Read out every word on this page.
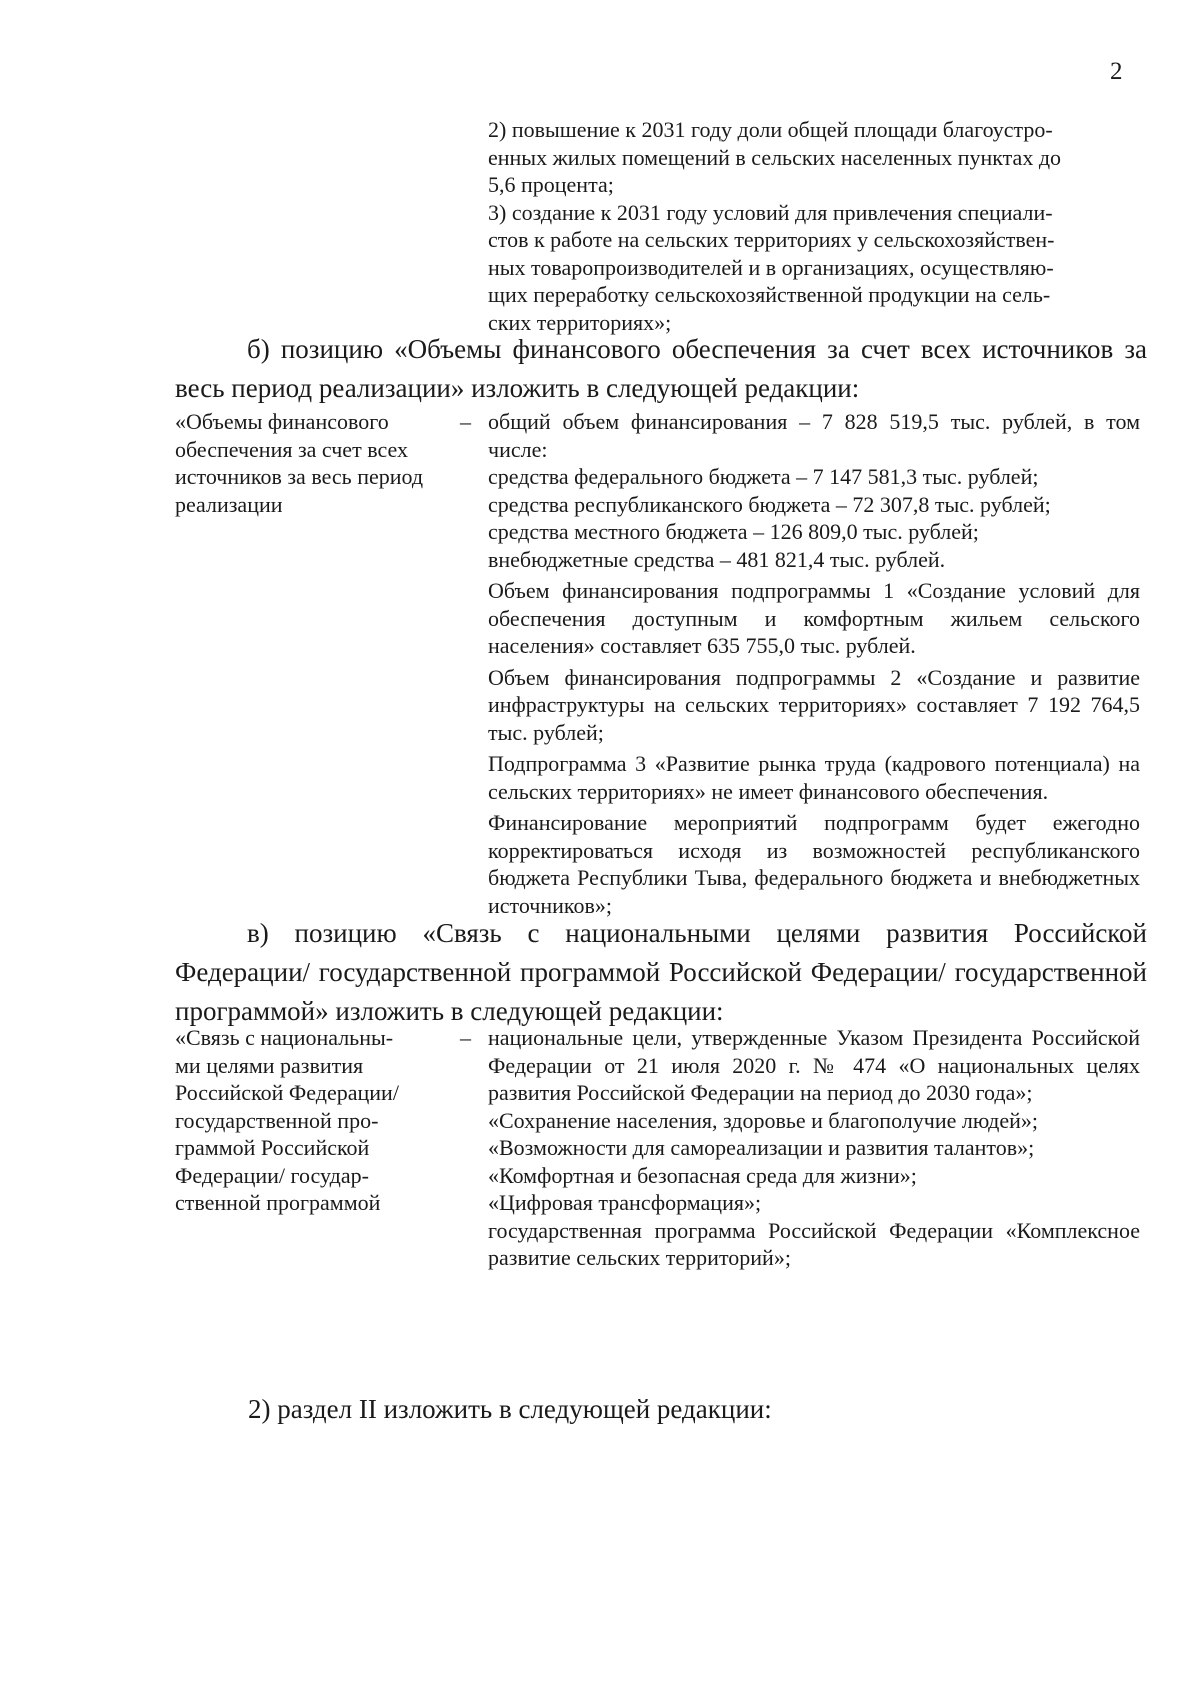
2

2) повышение к 2031 году доли общей площади благоустро-

енных жилых помещений в сельских населенных пунктах до

5,6 процента;

3) создание к 2031 году условий для привлечения специали-

стов к работе на сельских территориях у сельскохозяйствен-

ных товаропроизводителей и в организациях, осуществляю-

щих переработку сельскохозяйственной продукции на сель-

ских территориях»;

б) позицию «Объемы финансового обеспечения за счет всех источников за весь период реализации» изложить в следующей редакции:

«Объемы финансового

обеспечения за счет всех

источников за весь период

реализации

– общий объем финансирования – 7 828 519,5 тыс. рублей, в том числе:

средства федерального бюджета – 7 147 581,3 тыс. рублей;

средства республиканского бюджета – 72 307,8 тыс. рублей;

средства местного бюджета – 126 809,0 тыс. рублей;

внебюджетные средства – 481 821,4 тыс. рублей.

Объем финансирования подпрограммы 1 «Создание условий для обеспечения доступным и комфортным жильем сельского населения» составляет 635 755,0 тыс. рублей.

Объем финансирования подпрограммы 2 «Создание и развитие инфраструктуры на сельских территориях» составляет 7 192 764,5 тыс. рублей;

Подпрограмма 3 «Развитие рынка труда (кадрового потенциала) на сельских территориях» не имеет финансового обеспечения.

Финансирование мероприятий подпрограмм будет ежегодно корректироваться исходя из возможностей республиканского бюджета Республики Тыва, федерального бюджета и внебюджетных источников»;

в) позицию «Связь с национальными целями развития Российской Федерации/ государственной программой Российской Федерации/ государственной программой» изложить в следующей редакции:

«Связь с национальны-

ми целями развития

Российской Федерации/

государственной про-

граммой Российской

Федерации/ государ-

ственной программой

– национальные цели, утвержденные Указом Президента Российской Федерации от 21 июля 2020 г. № 474 «О национальных целях развития Российской Федерации на период до 2030 года»;

«Сохранение населения, здоровье и благополучие людей»;

«Возможности для самореализации и развития талантов»;

«Комфортная и безопасная среда для жизни»;

«Цифровая трансформация»;

государственная программа Российской Федерации «Комплексное развитие сельских территорий»;

2) раздел II изложить в следующей редакции:
